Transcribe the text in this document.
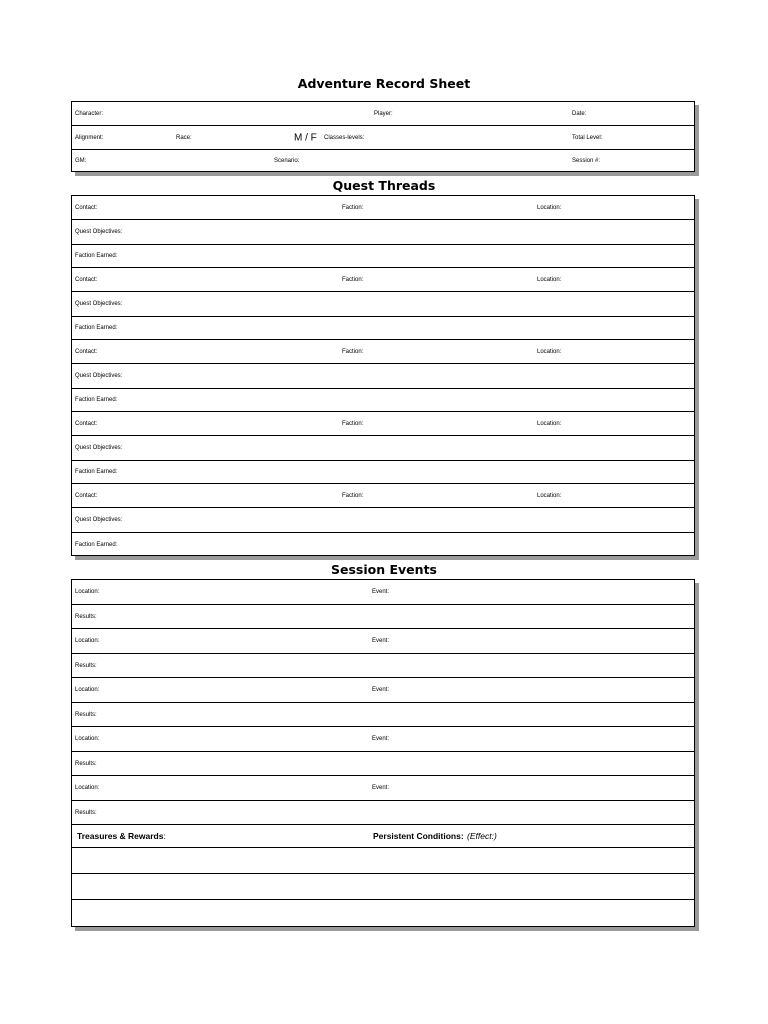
Adventure Record Sheet
Character:	Player:	Date:
Alignment:	Race:	M / F Classes-levels:	Total Level:
GM:	Scenario:	Session #:
Quest Threads
Contact:	Faction:	Location:
Quest Objectives:
Faction Earned:
Contact:	Faction:	Location:
Quest Objectives:
Faction Earned:
Contact:	Faction:	Location:
Quest Objectives:
Faction Earned:
Contact:	Faction:	Location:
Quest Objectives:
Faction Earned:
Contact:	Faction:	Location:
Quest Objectives:
Faction Earned:
Session Events
Location:	Event:
Results:
Location:	Event:
Results:
Location:	Event:
Results:
Location:	Event:
Results:
Location:	Event:
Results:
Treasures & Rewards:	Persistent Conditions: (Effect:)
